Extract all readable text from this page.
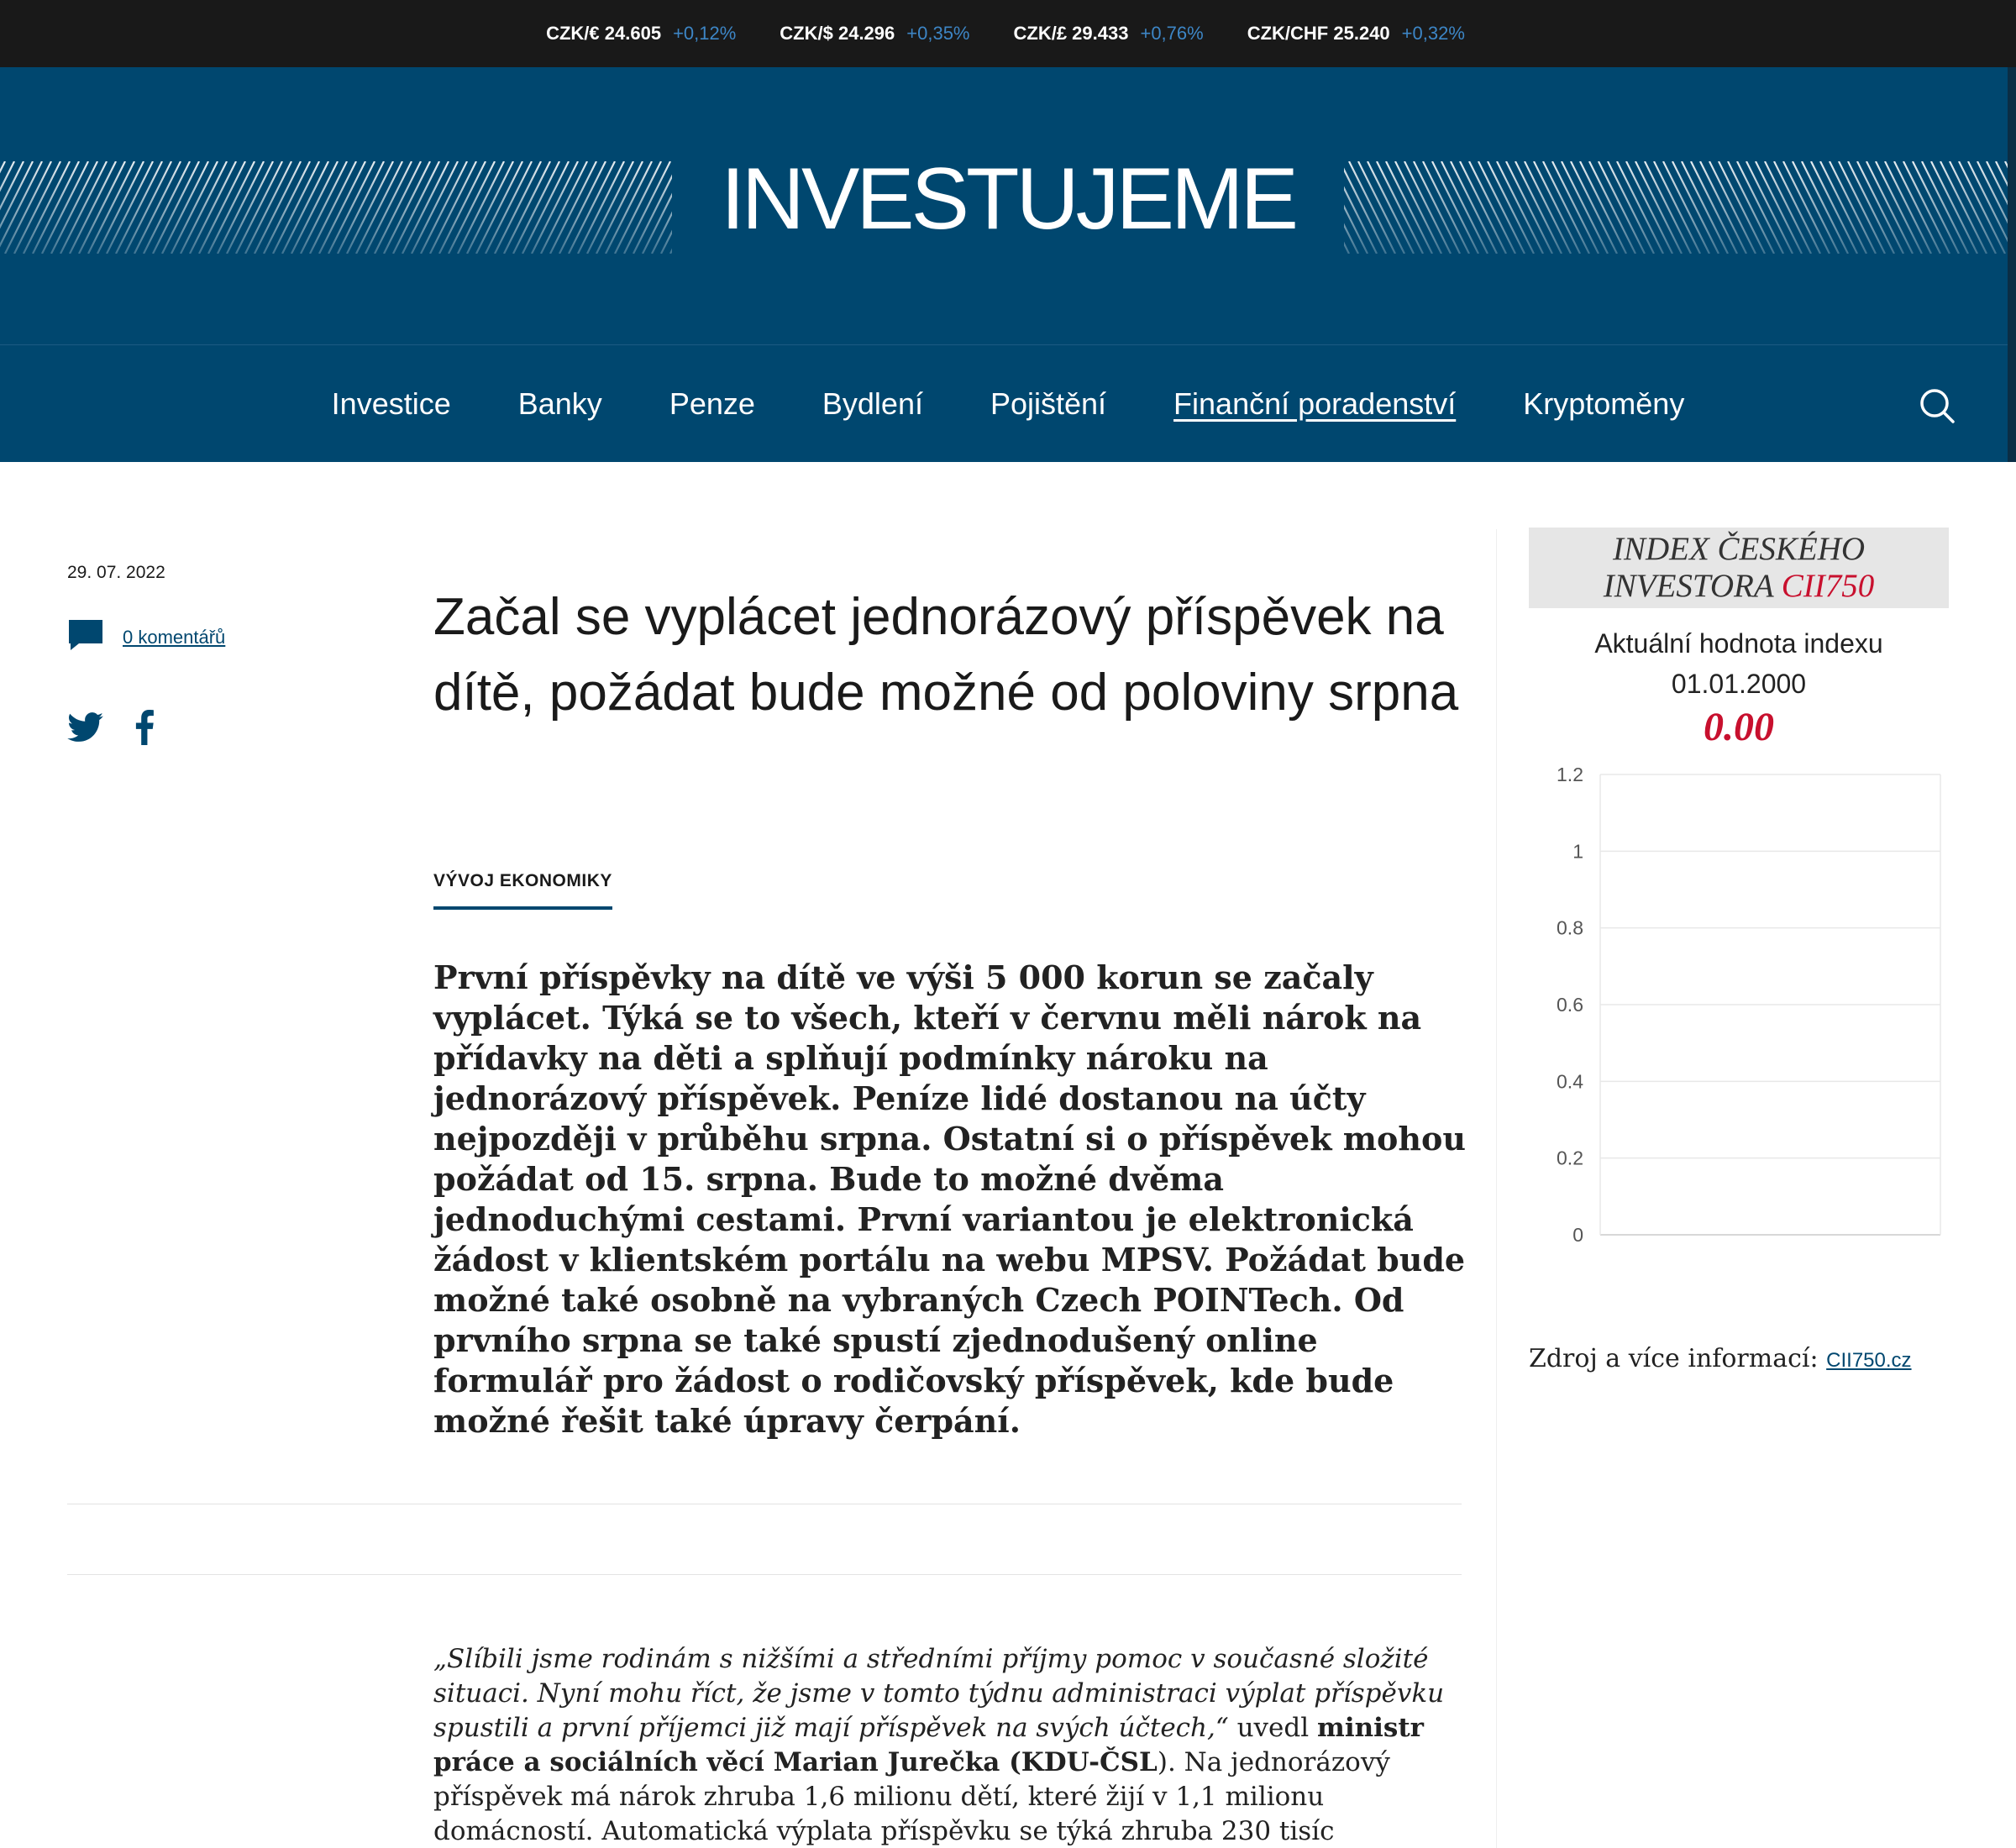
CZK/€ 24.605 +0,12% CZK/$ 24.296 +0,35% CZK/£ 29.433 +0,76% CZK/CHF 25.240 +0,32%
INVESTUJEME
Investice Banky Penze Bydlení Pojištění Finanční poradenství Kryptoměny
29. 07. 2022
0 komentářů	Začal se vyplácet jednorázový příspěvek na dítě, požádat bude možné od poloviny srpna
VÝVOJ EKONOMIKY

První příspěvky na dítě ve výši 5 000 korun se začaly vyplácet. Týká se to všech, kteří v červnu měli nárok na přídavky na děti a splňují podmínky nároku na jednorázový příspěvek. Peníze lidé dostanou na účty nejpozději v průběhu srpna. Ostatní si o příspěvek mohou požádat od 15. srpna. Bude to možné dvěma jednoduchými cestami. První variantou je elektronická žádost v klientském portálu na webu MPSV. Požádat bude možné také osobně na vybraných Czech POINTech. Od prvního srpna se také spustí zjednodušený online formulář pro žádost o rodičovský příspěvek, kde bude možné řešit také úpravy čerpání.

„Slíbili jsme rodinám s nižšími a středními příjmy pomoc v současné složité situaci. Nyní mohu říct, že jsme v tomto týdnu administraci výplat příspěvku spustili a první příjemci již mají příspěvek na svých účtech,“ uvedl ministr práce a sociálních věcí Marian Jurečka (KDU-ČSL). Na jednorázový příspěvek má nárok zhruba 1,6 milionu dětí, které žijí v 1,1 milionu domácností. Automatická výplata příspěvku se týká zhruba 230 tisíc

INDEX ČESKÉHO
INVESTORA CII750
Aktuální hodnota indexu
01.01.2000
0.00
1.2
1
0.8
0.6
0.4
0.2
0
Zdroj a více informací: CII750.cz
